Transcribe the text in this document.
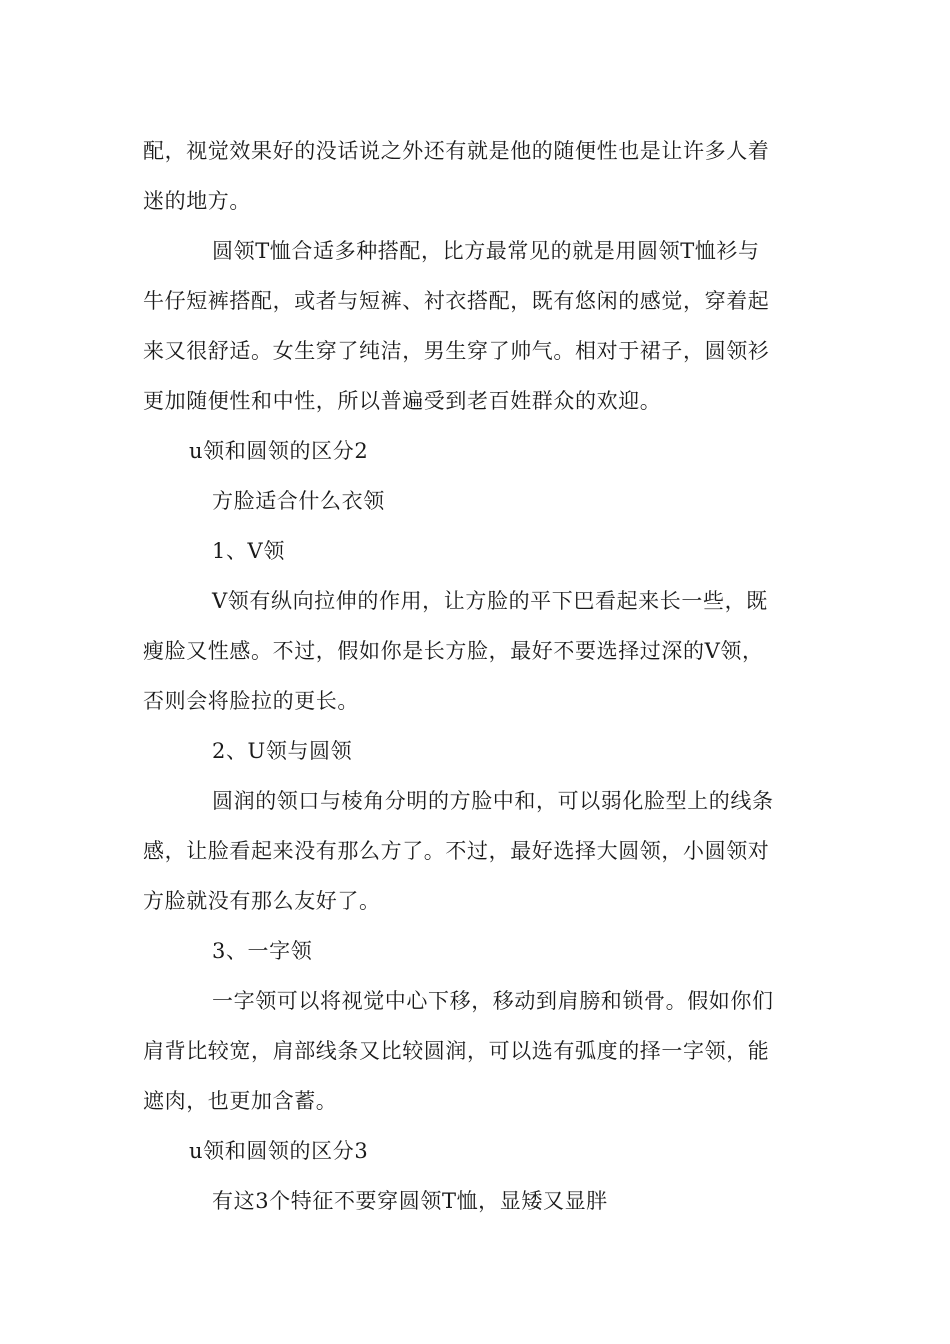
配，视觉效果好的没话说之外还有就是他的随便性也是让许多人着
迷的地方。
圆领T恤合适多种搭配，比方最常见的就是用圆领T恤衫与
牛仔短裤搭配，或者与短裤、衬衣搭配，既有悠闲的感觉，穿着起
来又很舒适。女生穿了纯洁，男生穿了帅气。相对于裙子，圆领衫
更加随便性和中性，所以普遍受到老百姓群众的欢迎。
u领和圆领的区分2
方脸适合什么衣领
1、V领
V领有纵向拉伸的作用，让方脸的平下巴看起来长一些，既
瘦脸又性感。不过，假如你是长方脸，最好不要选择过深的V领，
否则会将脸拉的更长。
2、U领与圆领
圆润的领口与棱角分明的方脸中和，可以弱化脸型上的线条
感，让脸看起来没有那么方了。不过，最好选择大圆领，小圆领对
方脸就没有那么友好了。
3、一字领
一字领可以将视觉中心下移，移动到肩膀和锁骨。假如你们
肩背比较宽，肩部线条又比较圆润，可以选有弧度的择一字领，能
遮肉，也更加含蓄。
u领和圆领的区分3
有这3个特征不要穿圆领T恤，显矮又显胖
